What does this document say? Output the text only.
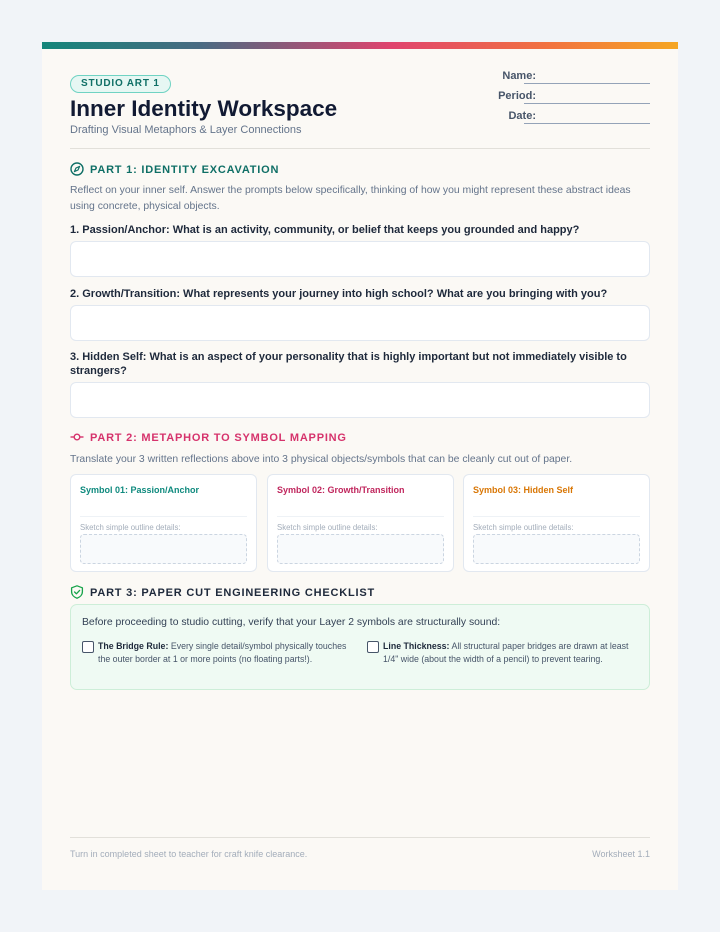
STUDIO ART 1
Inner Identity Workspace
Drafting Visual Metaphors & Layer Connections
Name:
Period:
Date:
PART 1: IDENTITY EXCAVATION
Reflect on your inner self. Answer the prompts below specifically, thinking of how you might represent these abstract ideas using concrete, physical objects.
1. Passion/Anchor: What is an activity, community, or belief that keeps you grounded and happy?
2. Growth/Transition: What represents your journey into high school? What are you bringing with you?
3. Hidden Self: What is an aspect of your personality that is highly important but not immediately visible to strangers?
PART 2: METAPHOR TO SYMBOL MAPPING
Translate your 3 written reflections above into 3 physical objects/symbols that can be cleanly cut out of paper.
Symbol 01: Passion/Anchor
Sketch simple outline details:
Symbol 02: Growth/Transition
Sketch simple outline details:
Symbol 03: Hidden Self
Sketch simple outline details:
PART 3: PAPER CUT ENGINEERING CHECKLIST
Before proceeding to studio cutting, verify that your Layer 2 symbols are structurally sound:
The Bridge Rule: Every single detail/symbol physically touches the outer border at 1 or more points (no floating parts!).
Line Thickness: All structural paper bridges are drawn at least 1/4" wide (about the width of a pencil) to prevent tearing.
Turn in completed sheet to teacher for craft knife clearance.	Worksheet 1.1
